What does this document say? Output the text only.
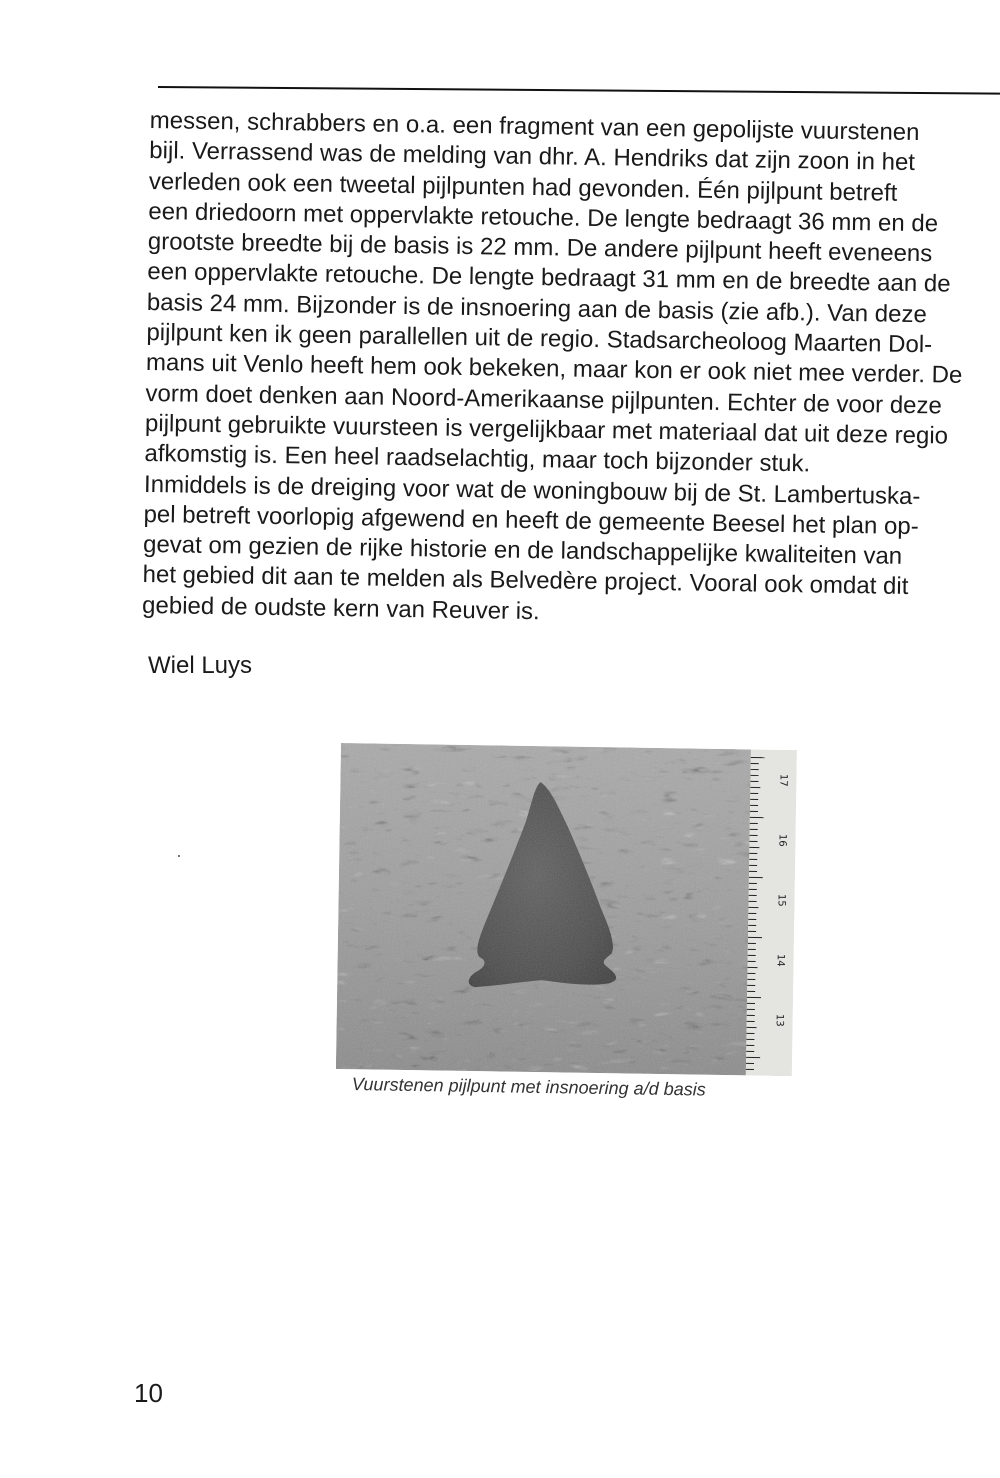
messen, schrabbers en o.a. een fragment van een gepolijste vuurstenen
bijl. Verrassend was de melding van dhr. A. Hendriks dat zijn zoon in het
verleden ook een tweetal pijlpunten had gevonden. Één pijlpunt betreft
een driedoorn met oppervlakte retouche. De lengte bedraagt 36 mm en de
grootste breedte bij de basis is 22 mm. De andere pijlpunt heeft eveneens
een oppervlakte retouche. De lengte bedraagt 31 mm en de breedte aan de
basis 24 mm. Bijzonder is de insnoering aan de basis (zie afb.). Van deze
pijlpunt ken ik geen parallellen uit de regio. Stadsarcheoloog Maarten Dol-
mans uit Venlo heeft hem ook bekeken, maar kon er ook niet mee verder. De
vorm doet denken aan Noord-Amerikaanse pijlpunten. Echter de voor deze
pijlpunt gebruikte vuursteen is vergelijkbaar met materiaal dat uit deze regio
afkomstig is. Een heel raadselachtig, maar toch bijzonder stuk.
Inmiddels is de dreiging voor wat de woningbouw bij de St. Lambertuska-
pel betreft voorlopig afgewend en heeft de gemeente Beesel het plan op-
gevat om gezien de rijke historie en de landschappelijke kwaliteiten van
het gebied dit aan te melden als Belvedère project. Vooral ook omdat dit
gebied de oudste kern van Reuver is.
Wiel Luys
17
16
15
14
13
Vuurstenen pijlpunt met insnoering a/d basis
10
